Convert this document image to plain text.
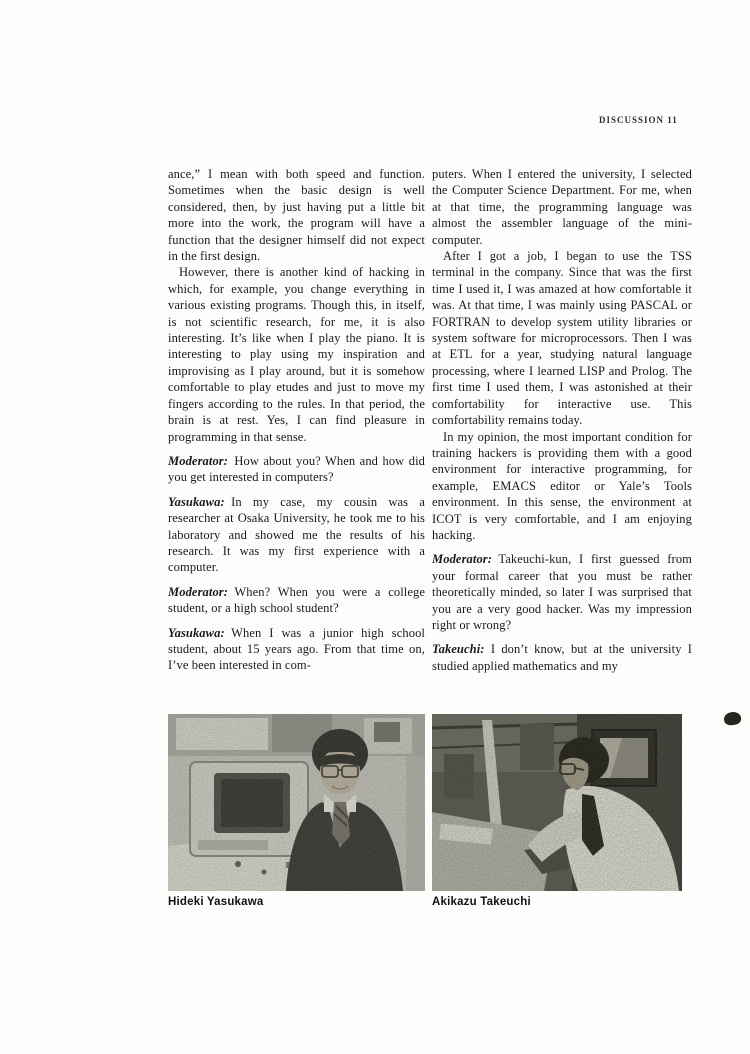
DISCUSSION 11

ance,” I mean with both speed and function. Sometimes when the basic design is well considered, then, by just having put a little bit more into the work, the program will have a function that the designer himself did not expect in the first design.

However, there is another kind of hacking in which, for example, you change everything in various existing programs. Though this, in itself, is not scientific research, for me, it is also interesting. It’s like when I play the piano. It is interesting to play using my inspiration and improvising as I play around, but it is somehow comfortable to play etudes and just to move my fingers according to the rules. In that period, the brain is at rest. Yes, I can find pleasure in programming in that sense.

Moderator: How about you? When and how did you get interested in computers?

Yasukawa: In my case, my cousin was a researcher at Osaka University, he took me to his laboratory and showed me the results of his research. It was my first experience with a computer.

Moderator: When? When you were a college student, or a high school student?

Yasukawa: When I was a junior high school student, about 15 years ago. From that time on, I’ve been interested in com-

puters. When I entered the university, I selected the Computer Science Department. For me, when at that time, the programming language was almost the assembler language of the mini-computer.

After I got a job, I began to use the TSS terminal in the company. Since that was the first time I used it, I was amazed at how comfortable it was. At that time, I was mainly using PASCAL or FORTRAN to develop system utility libraries or system software for microprocessors. Then I was at ETL for a year, studying natural language processing, where I learned LISP and Prolog. The first time I used them, I was astonished at their comfortability for interactive use. This comfortability remains today.

In my opinion, the most important condition for training hackers is providing them with a good environment for interactive programming, for example, EMACS editor or Yale’s Tools environment. In this sense, the environment at ICOT is very comfortable, and I am enjoying hacking.

Moderator: Takeuchi-kun, I first guessed from your formal career that you must be rather theoretically minded, so later I was surprised that you are a very good hacker. Was my impression right or wrong?

Takeuchi: I don’t know, but at the university I studied applied mathematics and my

Hideki Yasukawa	Akikazu Takeuchi
